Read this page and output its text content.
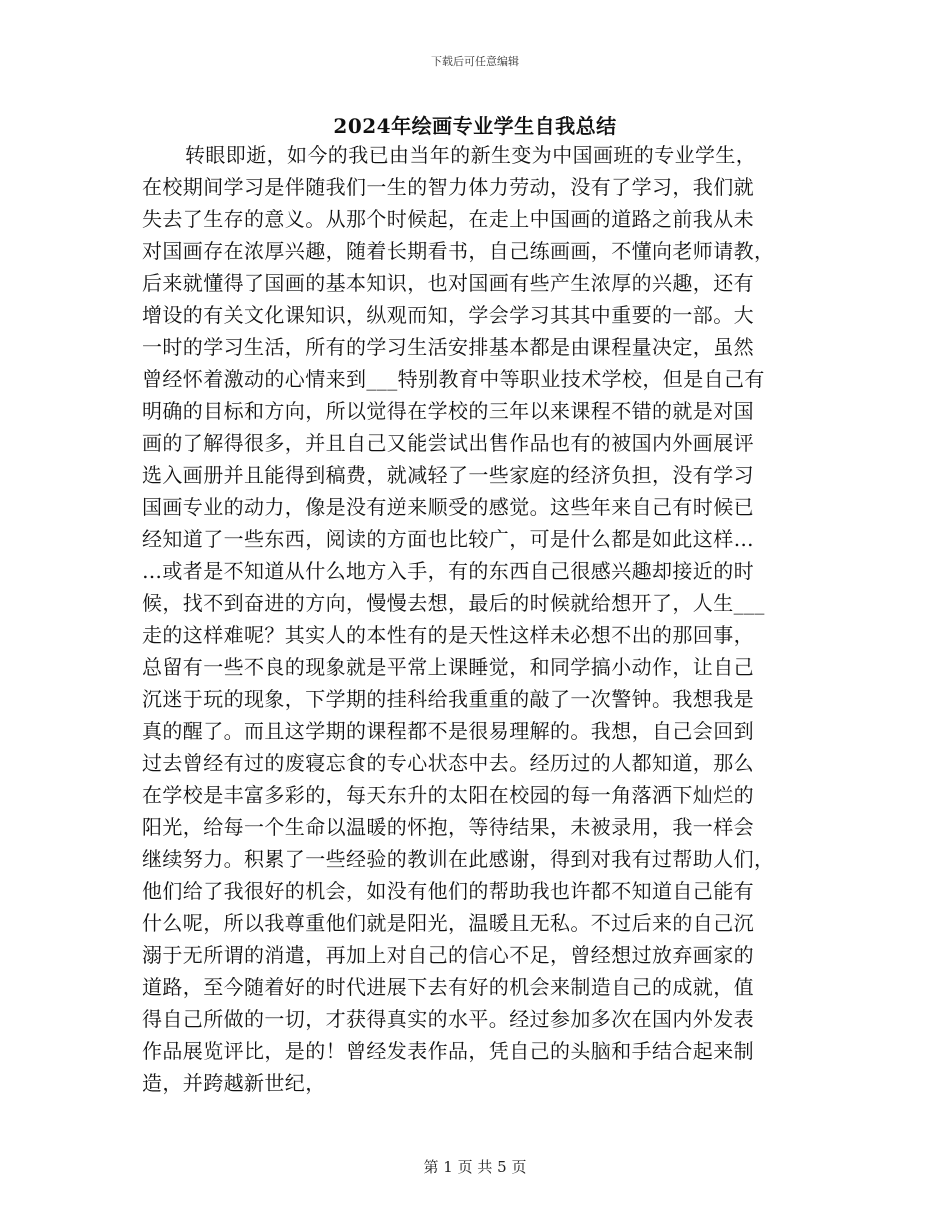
下载后可任意编辑
2024年绘画专业学生自我总结
转眼即逝，如今的我已由当年的新生变为中国画班的专业学生，
在校期间学习是伴随我们一生的智力体力劳动，没有了学习，我们就
失去了生存的意义。从那个时候起，在走上中国画的道路之前我从未
对国画存在浓厚兴趣，随着长期看书，自己练画画，不懂向老师请教，
后来就懂得了国画的基本知识，也对国画有些产生浓厚的兴趣，还有
增设的有关文化课知识，纵观而知，学会学习其其中重要的一部。大
一时的学习生活，所有的学习生活安排基本都是由课程量决定，虽然
曾经怀着激动的心情来到___特别教育中等职业技术学校，但是自己有
明确的目标和方向，所以觉得在学校的三年以来课程不错的就是对国
画的了解得很多，并且自己又能尝试出售作品也有的被国内外画展评
选入画册并且能得到稿费，就减轻了一些家庭的经济负担，没有学习
国画专业的动力，像是没有逆来顺受的感觉。这些年来自己有时候已
经知道了一些东西，阅读的方面也比较广，可是什么都是如此这样…
…或者是不知道从什么地方入手，有的东西自己很感兴趣却接近的时
候，找不到奋进的方向，慢慢去想，最后的时候就给想开了，人生___
走的这样难呢？其实人的本性有的是天性这样未必想不出的那回事，
总留有一些不良的现象就是平常上课睡觉，和同学搞小动作，让自己
沉迷于玩的现象，下学期的挂科给我重重的敲了一次警钟。我想我是
真的醒了。而且这学期的课程都不是很易理解的。我想，自己会回到
过去曾经有过的废寝忘食的专心状态中去。经历过的人都知道，那么
在学校是丰富多彩的，每天东升的太阳在校园的每一角落洒下灿烂的
阳光，给每一个生命以温暖的怀抱，等待结果，未被录用，我一样会
继续努力。积累了一些经验的教训在此感谢，得到对我有过帮助人们，
他们给了我很好的机会，如没有他们的帮助我也许都不知道自己能有
什么呢，所以我尊重他们就是阳光，温暖且无私。不过后来的自己沉
溺于无所谓的消遣，再加上对自己的信心不足，曾经想过放弃画家的
道路，至今随着好的时代进展下去有好的机会来制造自己的成就，值
得自己所做的一切，才获得真实的水平。经过参加多次在国内外发表
作品展览评比，是的！曾经发表作品，凭自己的头脑和手结合起来制
造，并跨越新世纪，
第 1 页 共 5 页
